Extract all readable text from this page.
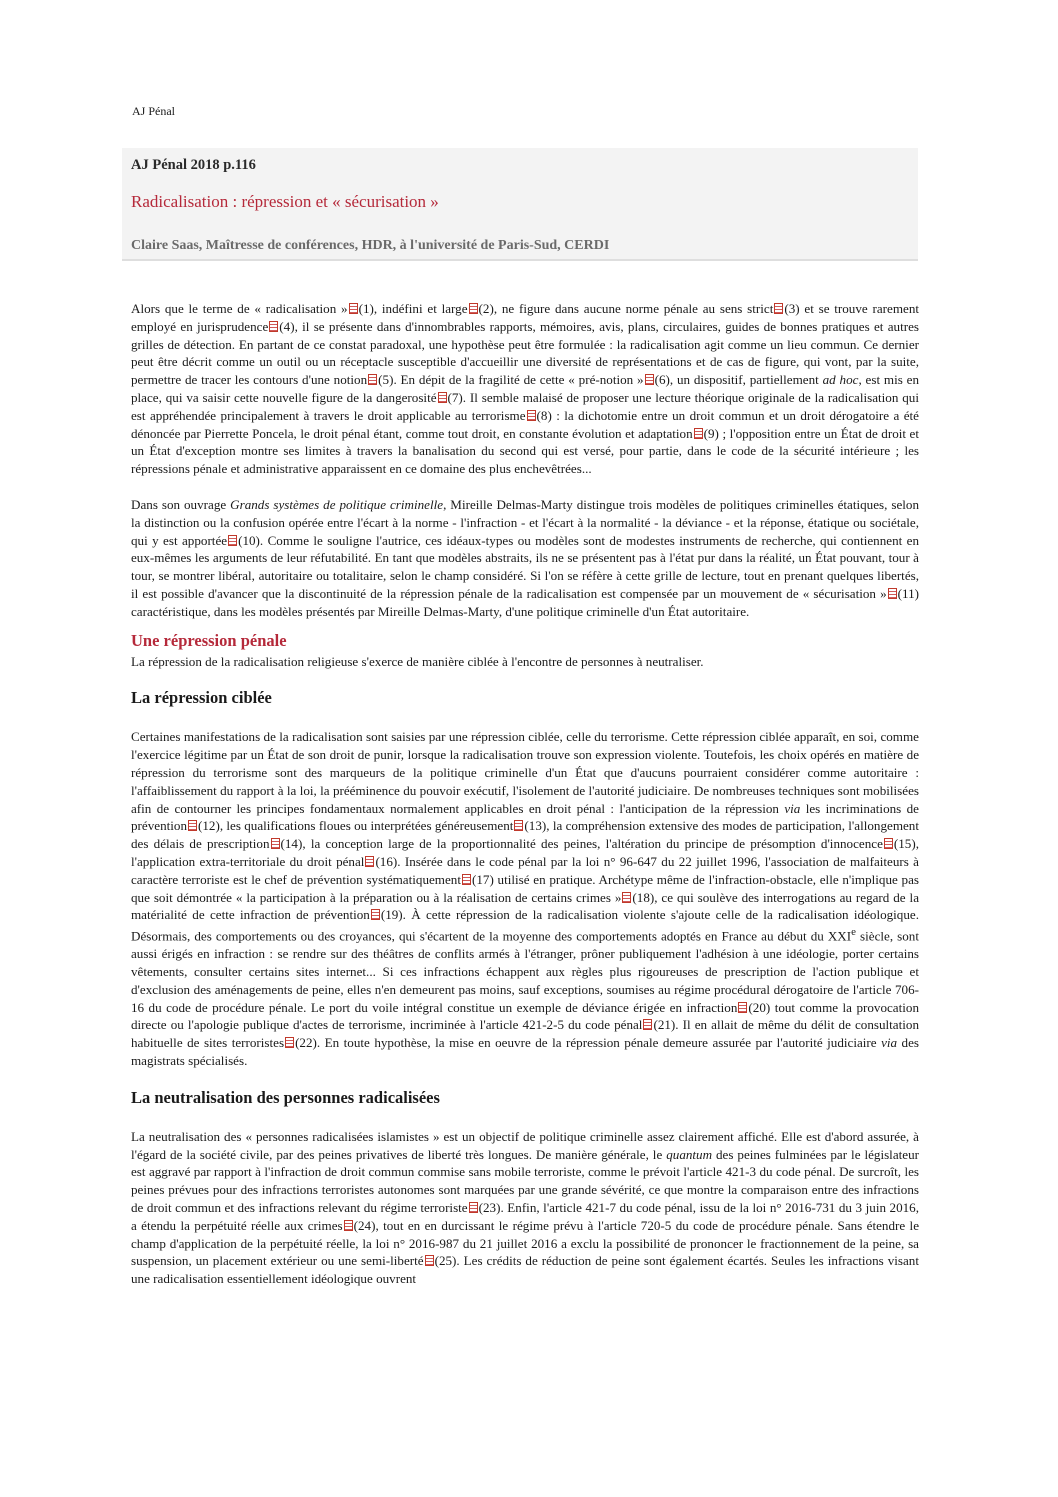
AJ Pénal
AJ Pénal 2018 p.116
Radicalisation : répression et « sécurisation »
Claire Saas, Maîtresse de conférences, HDR, à l'université de Paris-Sud, CERDI

Alors que le terme de « radicalisation » (1), indéfini et large (2), ne figure dans aucune norme pénale au sens strict (3) et se trouve rarement employé en jurisprudence (4), il se présente dans d'innombrables rapports, mémoires, avis, plans, circulaires, guides de bonnes pratiques et autres grilles de détection. En partant de ce constat paradoxal, une hypothèse peut être formulée : la radicalisation agit comme un lieu commun. Ce dernier peut être décrit comme un outil ou un réceptacle susceptible d'accueillir une diversité de représentations et de cas de figure, qui vont, par la suite, permettre de tracer les contours d'une notion (5). En dépit de la fragilité de cette « pré-notion » (6), un dispositif, partiellement ad hoc, est mis en place, qui va saisir cette nouvelle figure de la dangerosité (7). Il semble malaisé de proposer une lecture théorique originale de la radicalisation qui est appréhendée principalement à travers le droit applicable au terrorisme (8) : la dichotomie entre un droit commun et un droit dérogatoire a été dénoncée par Pierrette Poncela, le droit pénal étant, comme tout droit, en constante évolution et adaptation (9) ; l'opposition entre un État de droit et un État d'exception montre ses limites à travers la banalisation du second qui est versé, pour partie, dans le code de la sécurité intérieure ; les répressions pénale et administrative apparaissent en ce domaine des plus enchevêtrées...

Dans son ouvrage Grands systèmes de politique criminelle, Mireille Delmas-Marty distingue trois modèles de politiques criminelles étatiques, selon la distinction ou la confusion opérée entre l'écart à la norme - l'infraction - et l'écart à la normalité - la déviance - et la réponse, étatique ou sociétale, qui y est apportée (10). Comme le souligne l'autrice, ces idéaux-types ou modèles sont de modestes instruments de recherche, qui contiennent en eux-mêmes les arguments de leur réfutabilité. En tant que modèles abstraits, ils ne se présentent pas à l'état pur dans la réalité, un État pouvant, tour à tour, se montrer libéral, autoritaire ou totalitaire, selon le champ considéré. Si l'on se réfère à cette grille de lecture, tout en prenant quelques libertés, il est possible d'avancer que la discontinuité de la répression pénale de la radicalisation est compensée par un mouvement de « sécurisation » (11) caractéristique, dans les modèles présentés par Mireille Delmas-Marty, d'une politique criminelle d'un État autoritaire.

Une répression pénale

La répression de la radicalisation religieuse s'exerce de manière ciblée à l'encontre de personnes à neutraliser.

La répression ciblée

Certaines manifestations de la radicalisation sont saisies par une répression ciblée, celle du terrorisme. Cette répression ciblée apparaît, en soi, comme l'exercice légitime par un État de son droit de punir, lorsque la radicalisation trouve son expression violente. Toutefois, les choix opérés en matière de répression du terrorisme sont des marqueurs de la politique criminelle d'un État que d'aucuns pourraient considérer comme autoritaire : l'affaiblissement du rapport à la loi, la prééminence du pouvoir exécutif, l'isolement de l'autorité judiciaire. De nombreuses techniques sont mobilisées afin de contourner les principes fondamentaux normalement applicables en droit pénal : l'anticipation de la répression via les incriminations de prévention (12), les qualifications floues ou interprétées généreusement (13), la compréhension extensive des modes de participation, l'allongement des délais de prescription (14), la conception large de la proportionnalité des peines, l'altération du principe de présomption d'innocence (15), l'application extra-territoriale du droit pénal (16). Insérée dans le code pénal par la loi n° 96-647 du 22 juillet 1996, l'association de malfaiteurs à caractère terroriste est le chef de prévention systématiquement (17) utilisé en pratique. Archétype même de l'infraction-obstacle, elle n'implique pas que soit démontrée « la participation à la préparation ou à la réalisation de certains crimes » (18), ce qui soulève des interrogations au regard de la matérialité de cette infraction de prévention (19). À cette répression de la radicalisation violente s'ajoute celle de la radicalisation idéologique. Désormais, des comportements ou des croyances, qui s'écartent de la moyenne des comportements adoptés en France au début du XXIe siècle, sont aussi érigés en infraction : se rendre sur des théâtres de conflits armés à l'étranger, prôner publiquement l'adhésion à une idéologie, porter certains vêtements, consulter certains sites internet... Si ces infractions échappent aux règles plus rigoureuses de prescription de l'action publique et d'exclusion des aménagements de peine, elles n'en demeurent pas moins, sauf exceptions, soumises au régime procédural dérogatoire de l'article 706-16 du code de procédure pénale. Le port du voile intégral constitue un exemple de déviance érigée en infraction (20) tout comme la provocation directe ou l'apologie publique d'actes de terrorisme, incriminée à l'article 421-2-5 du code pénal (21). Il en allait de même du délit de consultation habituelle de sites terroristes (22). En toute hypothèse, la mise en oeuvre de la répression pénale demeure assurée par l'autorité judiciaire via des magistrats spécialisés.

La neutralisation des personnes radicalisées

La neutralisation des « personnes radicalisées islamistes » est un objectif de politique criminelle assez clairement affiché. Elle est d'abord assurée, à l'égard de la société civile, par des peines privatives de liberté très longues. De manière générale, le quantum des peines fulminées par le législateur est aggravé par rapport à l'infraction de droit commun commise sans mobile terroriste, comme le prévoit l'article 421-3 du code pénal. De surcroît, les peines prévues pour des infractions terroristes autonomes sont marquées par une grande sévérité, ce que montre la comparaison entre des infractions de droit commun et des infractions relevant du régime terroriste (23). Enfin, l'article 421-7 du code pénal, issu de la loi n° 2016-731 du 3 juin 2016, a étendu la perpétuité réelle aux crimes (24), tout en en durcissant le régime prévu à l'article 720-5 du code de procédure pénale. Sans étendre le champ d'application de la perpétuité réelle, la loi n° 2016-987 du 21 juillet 2016 a exclu la possibilité de prononcer le fractionnement de la peine, sa suspension, un placement extérieur ou une semi-liberté (25). Les crédits de réduction de peine sont également écartés. Seules les infractions visant une radicalisation essentiellement idéologique ouvrent
